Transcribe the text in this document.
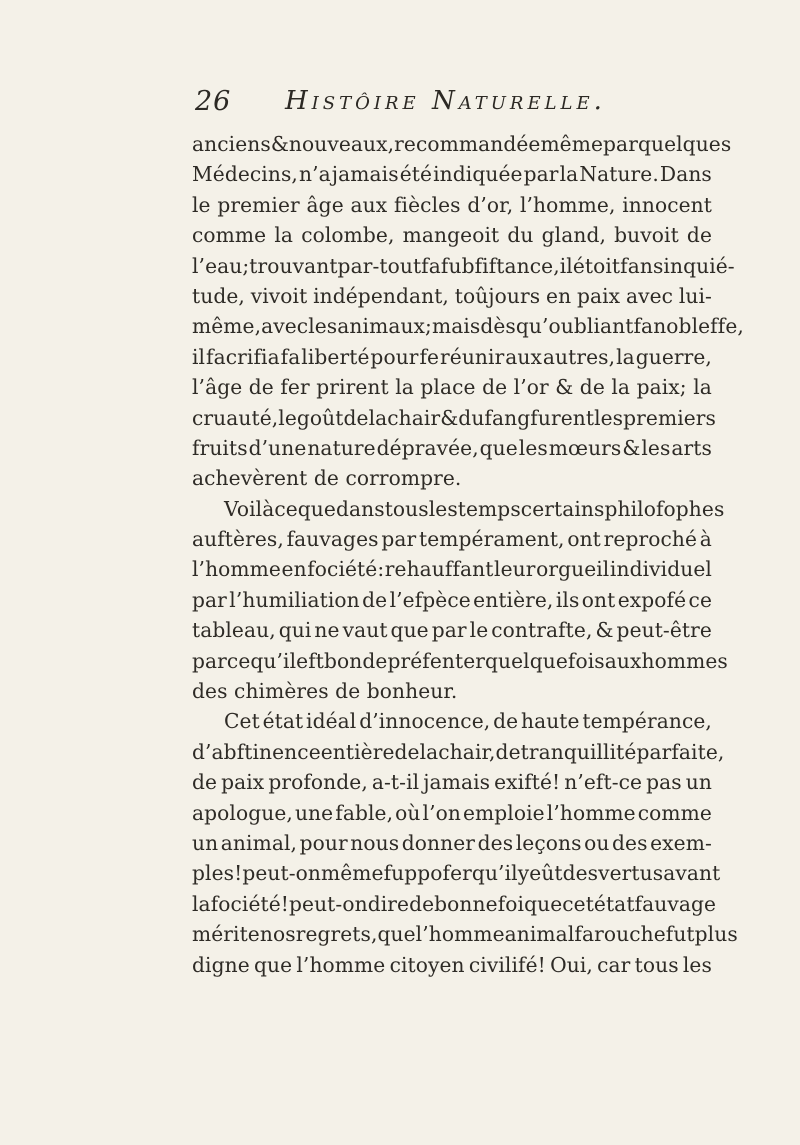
26 Histôire Naturelle.
anciens & nouveaux, recommandée même par quelques
Médecins, n’a jamais été indiquée par la Nature. Dans
le premier âge aux fiècles d’or, l’homme, innocent
comme la colombe, mangeoit du gland, buvoit de
l’eau; trouvant par-tout fa fubfiftance, il étoit fans inquié-
tude, vivoit indépendant, toûjours en paix avec lui-
même, avec les animaux; mais dès qu’oubliant fa nobleffe,
il facrifia fa liberté pour fe réunir aux autres, la guerre,
l’âge de fer prirent la place de l’or & de la paix; la
cruauté, le goût de la chair & du fang furent les premiers
fruits d’une nature dépravée, que les mœurs & les arts
achevèrent de corrompre.
Voilà ce que dans tous les temps certains philofophes
auftères, fauvages par tempérament, ont reproché à
l’homme en fociété: rehauffant leur orgueil individuel
par l’humiliation de l’efpèce entière, ils ont expofé ce
tableau, qui ne vaut que par le contrafte, & peut-être
parce qu’il eft bon de préfenter quelquefois aux hommes
des chimères de bonheur.
Cet état idéal d’innocence, de haute tempérance,
d’abftinence entière de la chair, de tranquillité parfaite,
de paix profonde, a-t-il jamais exifté! n’eft-ce pas un
apologue, une fable, où l’on emploie l’homme comme
un animal, pour nous donner des leçons ou des exem-
ples! peut-on même fuppofer qu’il y eût des vertus avant
la fociété! peut-on dire de bonne foi que cet état fauvage
mérite nos regrets, que l’homme animal farouche fut plus
digne que l’homme citoyen civilifé! Oui, car tous les
